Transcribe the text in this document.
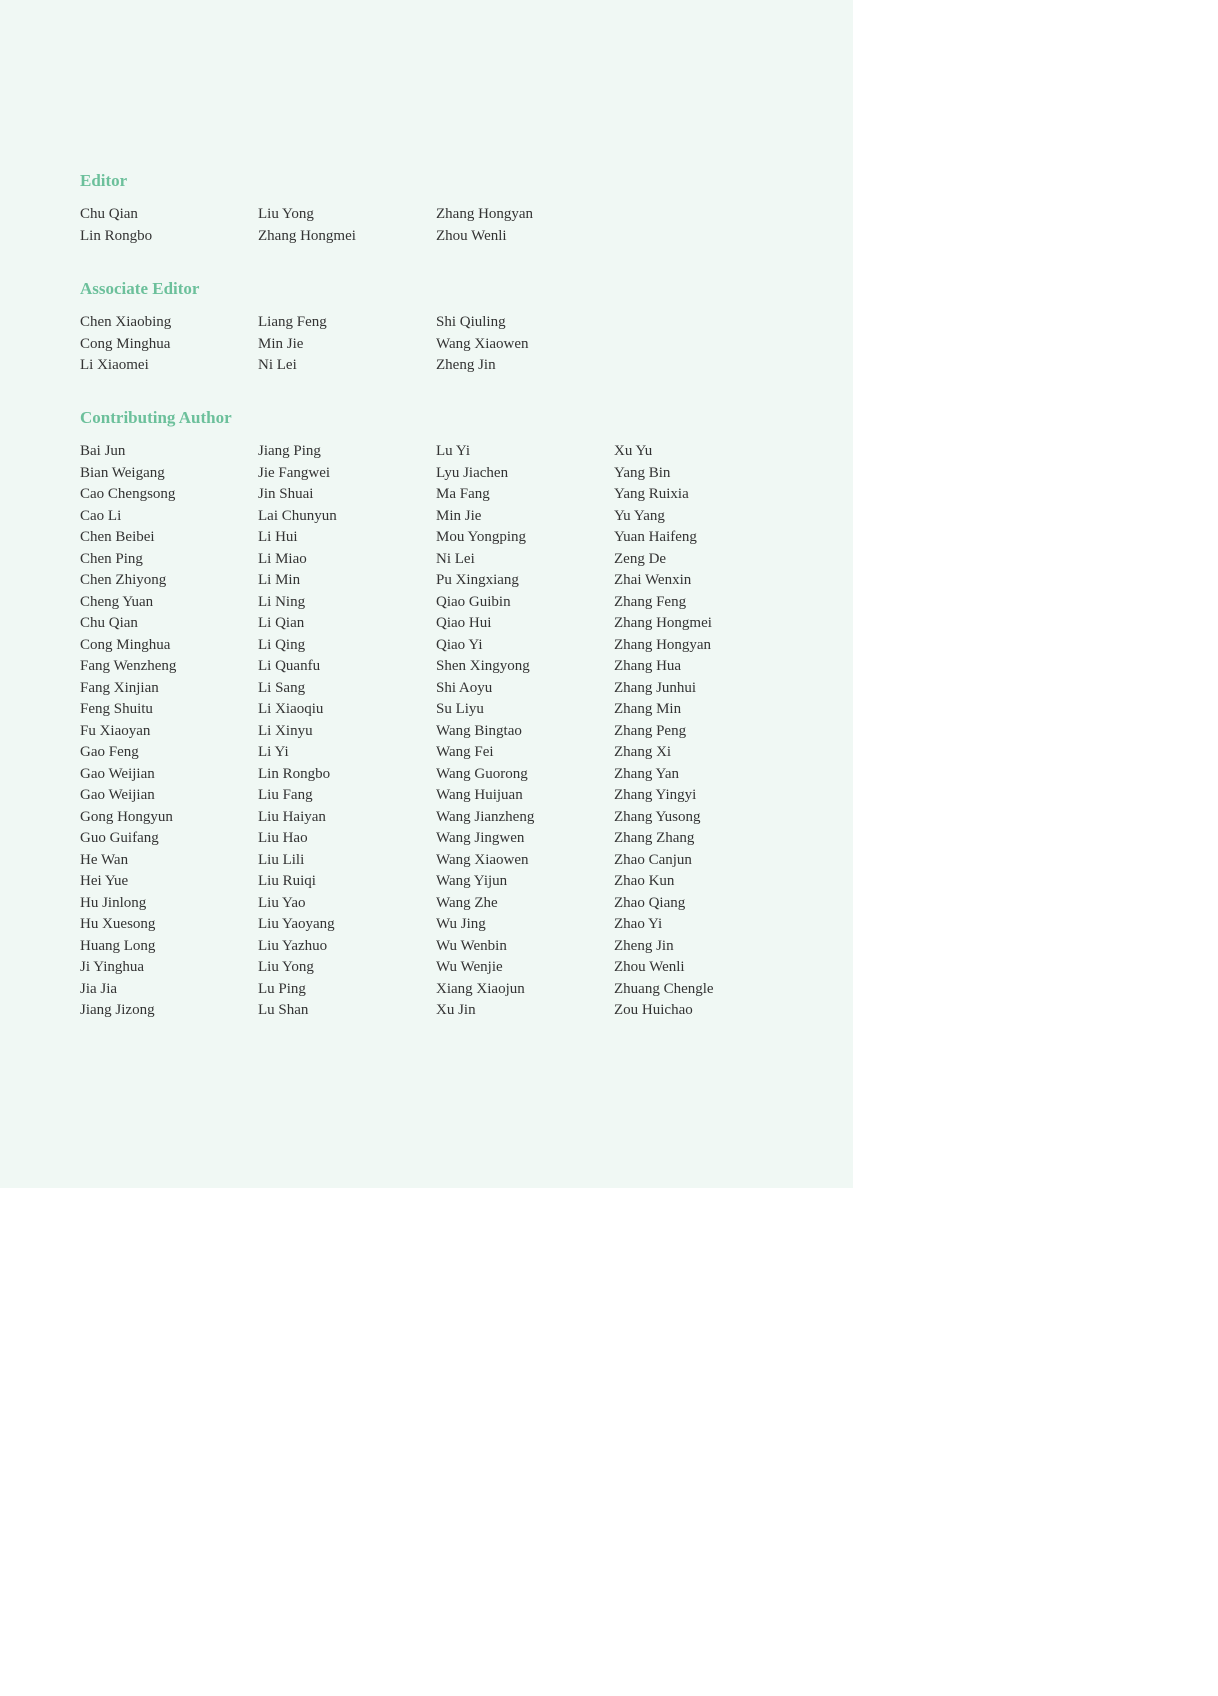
Editor
Chu Qian
Lin Rongbo
Liu Yong
Zhang Hongmei
Zhang Hongyan
Zhou Wenli
Associate Editor
Chen Xiaobing
Cong Minghua
Li Xiaomei
Liang Feng
Min Jie
Ni Lei
Shi Qiuling
Wang Xiaowen
Zheng Jin
Contributing Author
Bai Jun
Bian Weigang
Cao Chengsong
Cao Li
Chen Beibei
Chen Ping
Chen Zhiyong
Cheng Yuan
Chu Qian
Cong Minghua
Fang Wenzheng
Fang Xinjian
Feng Shuitu
Fu Xiaoyan
Gao Feng
Gao Weijian
Gao Weijian
Gong Hongyun
Guo Guifang
He Wan
Hei Yue
Hu Jinlong
Hu Xuesong
Huang Long
Ji Yinghua
Jia Jia
Jiang Jizong
Jiang Ping
Jie Fangwei
Jin Shuai
Lai Chunyun
Li Hui
Li Miao
Li Min
Li Ning
Li Qian
Li Qing
Li Quanfu
Li Sang
Li Xiaoqiu
Li Xinyu
Li Yi
Lin Rongbo
Liu Fang
Liu Haiyan
Liu Hao
Liu Lili
Liu Ruiqi
Liu Yao
Liu Yaoyang
Liu Yazhuo
Liu Yong
Lu Ping
Lu Shan
Lu Yi
Lyu Jiachen
Ma Fang
Min Jie
Mou Yongping
Ni Lei
Pu Xingxiang
Qiao Guibin
Qiao Hui
Qiao Yi
Shen Xingyong
Shi Aoyu
Su Liyu
Wang Bingtao
Wang Fei
Wang Guorong
Wang Huijuan
Wang Jianzheng
Wang Jingwen
Wang Xiaowen
Wang Yijun
Wang Zhe
Wu Jing
Wu Wenbin
Wu Wenjie
Xiang Xiaojun
Xu Jin
Xu Yu
Yang Bin
Yang Ruixia
Yu Yang
Yuan Haifeng
Zeng De
Zhai Wenxin
Zhang Feng
Zhang Hongmei
Zhang Hongyan
Zhang Hua
Zhang Junhui
Zhang Min
Zhang Peng
Zhang Xi
Zhang Yan
Zhang Yingyi
Zhang Yusong
Zhang Zhang
Zhao Canjun
Zhao Kun
Zhao Qiang
Zhao Yi
Zheng Jin
Zhou Wenli
Zhuang Chengle
Zou Huichao
